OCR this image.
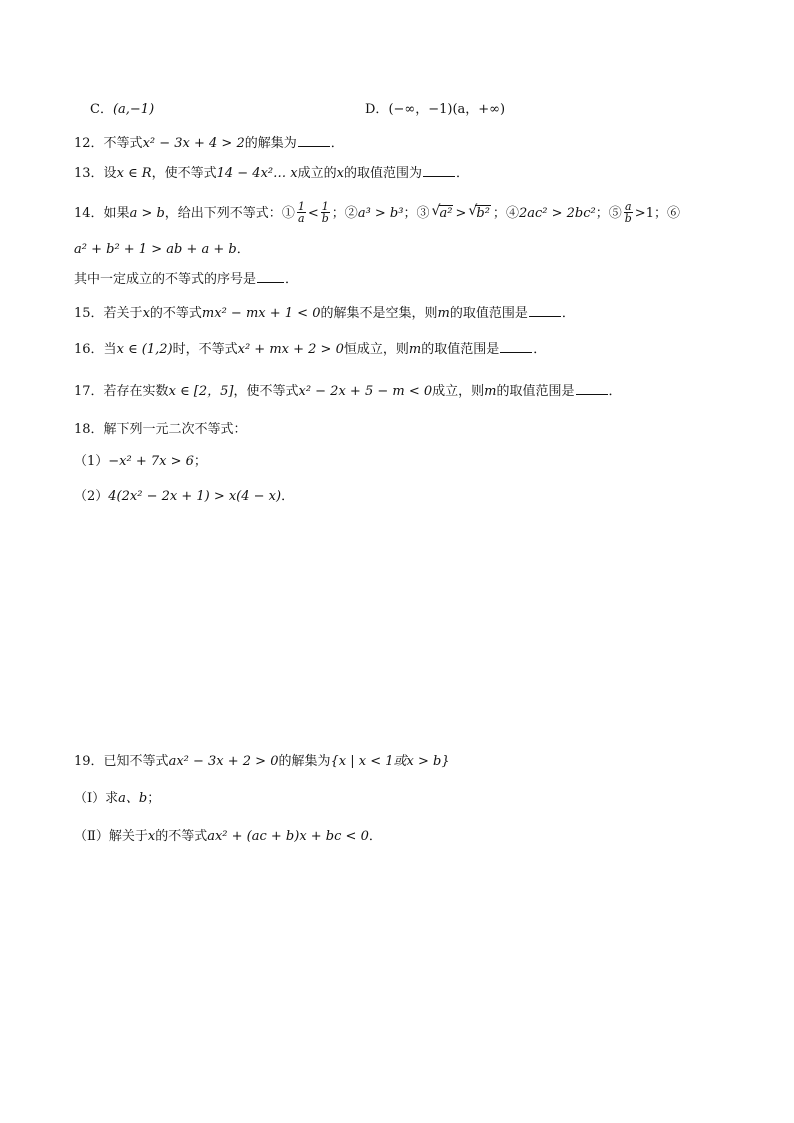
C．(a,−1)	D．(−∞，−1)(a，+∞)
12．不等式x² − 3x + 4 > 2的解集为	．
13．设x ∈ R，使不等式14 − 4x²… x成立的x的取值范围为	．
14．如果a > b，给出下列不等式：① $\frac{1}{a} < \frac{1}{b}$ ；②a³ > b³；③ √ a² > √ b² ；④2ac² > 2bc²；⑤ $\frac{a}{b} >1$；⑥
a² + b² + 1 > ab + a + b．
其中一定成立的不等式的序号是 ．
15．若关于x的不等式mx² − mx + 1 < 0的解集不是空集，则m的取值范围是	．
16．当x ∈ (1,2)时，不等式x² + mx + 2 > 0恒成立，则m的取值范围是	．
17．若存在实数x ∈ [2，5]，使不等式x² − 2x + 5 − m < 0成立，则m的取值范围是	．
18．解下列一元二次不等式：
（1）−x² + 7x > 6；
（2）4(2x² − 2x + 1) > x(4 − x)．
19．已知不等式ax² − 3x + 2 > 0的解集为{x | x < 1或x > b}
（Ⅰ）求a、b；
（Ⅱ）解关于x的不等式ax² + (ac + b)x + bc < 0．
